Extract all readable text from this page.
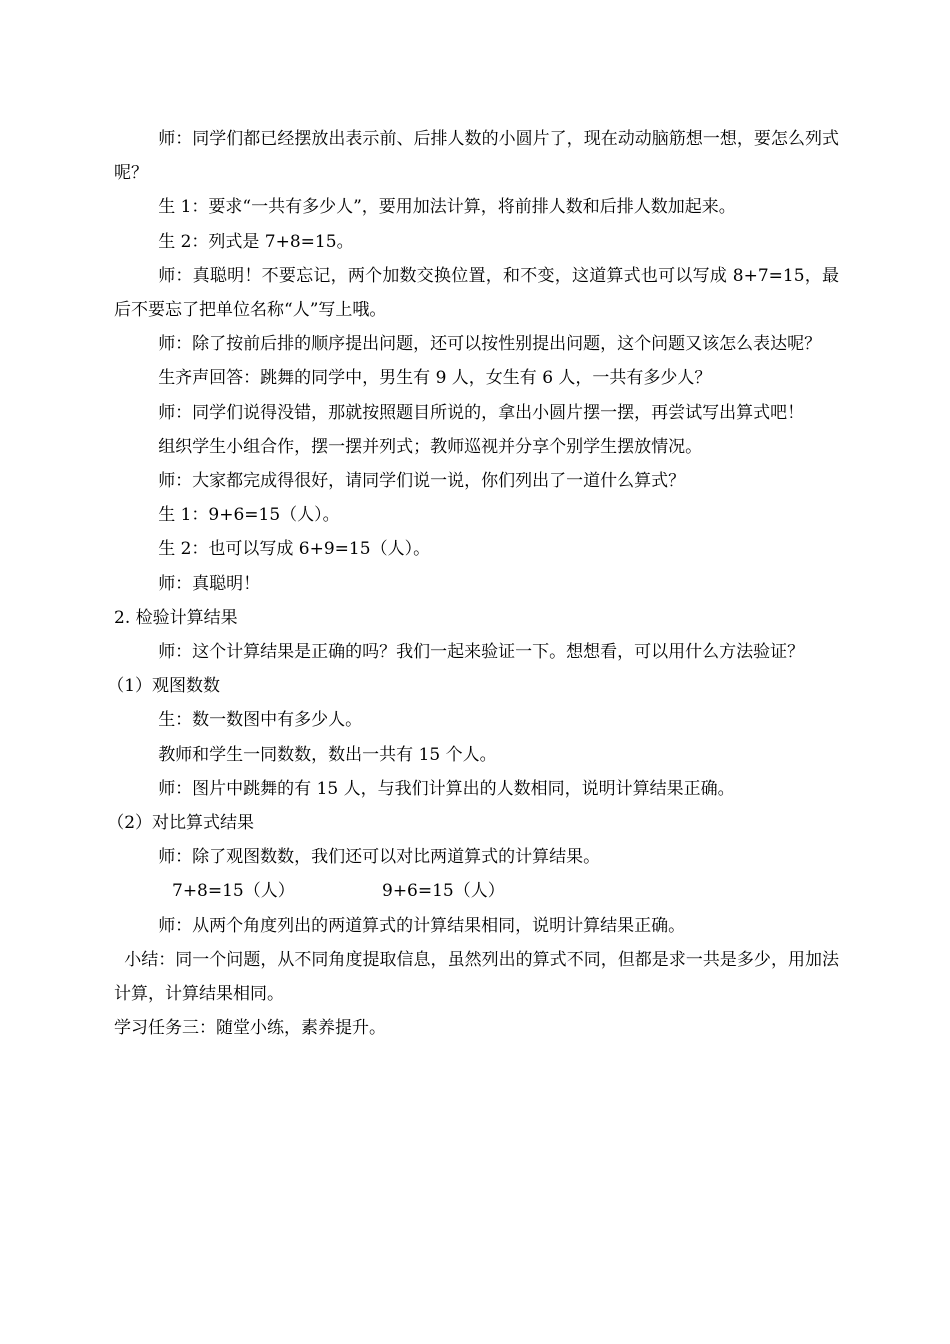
师：同学们都已经摆放出表示前、后排人数的小圆片了，现在动动脑筋想一想，要怎么列式呢？

生 1：要求“一共有多少人”，要用加法计算，将前排人数和后排人数加起来。

生 2：列式是 7+8=15。

师：真聪明！不要忘记，两个加数交换位置，和不变，这道算式也可以写成 8+7=15，最后不要忘了把单位名称“人”写上哦。

师：除了按前后排的顺序提出问题，还可以按性别提出问题，这个问题又该怎么表达呢？

生齐声回答：跳舞的同学中，男生有 9 人，女生有 6 人，一共有多少人？

师：同学们说得没错，那就按照题目所说的，拿出小圆片摆一摆，再尝试写出算式吧！

组织学生小组合作，摆一摆并列式；教师巡视并分享个别学生摆放情况。

师：大家都完成得很好，请同学们说一说，你们列出了一道什么算式？

生 1：9+6=15（人）。

生 2：也可以写成 6+9=15（人）。

师：真聪明！

2. 检验计算结果

师：这个计算结果是正确的吗？我们一起来验证一下。想想看，可以用什么方法验证？

（1）观图数数

生：数一数图中有多少人。

教师和学生一同数数，数出一共有 15 个人。

师：图片中跳舞的有 15 人，与我们计算出的人数相同，说明计算结果正确。

（2）对比算式结果

师：除了观图数数，我们还可以对比两道算式的计算结果。

7+8=15（人）	9+6=15（人）

师：从两个角度列出的两道算式的计算结果相同，说明计算结果正确。

小结：同一个问题，从不同角度提取信息，虽然列出的算式不同，但都是求一共是多少，用加法计算，计算结果相同。

学习任务三：随堂小练，素养提升。
